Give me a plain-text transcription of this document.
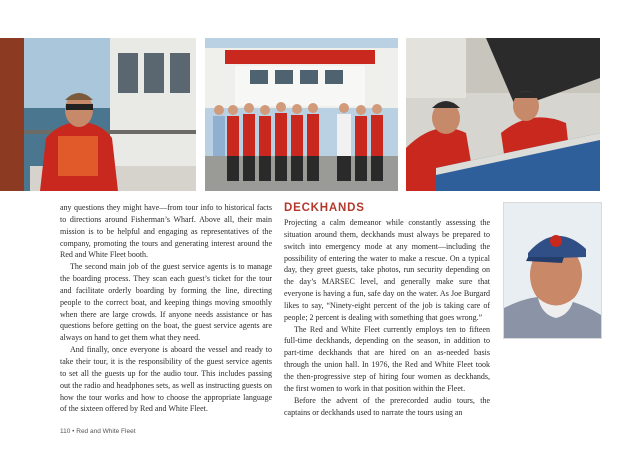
any questions they might have—from tour info to historical facts to directions around Fisherman’s Wharf. Above all, their main mission is to be helpful and engaging as representatives of the company, promoting the tours and generating interest around the Red and White Fleet booth.

The second main job of the guest service agents is to manage the boarding process. They scan each guest’s ticket for the tour and facilitate orderly boarding by forming the line, directing people to the correct boat, and keeping things moving smoothly when there are large crowds. If anyone needs assistance or has questions before getting on the boat, the guest service agents are always on hand to get them what they need.

And finally, once everyone is aboard the vessel and ready to take their tour, it is the responsibility of the guest service agents to set all the guests up for the audio tour. This includes passing out the radio and headphones sets, as well as instructing guests on how the tour works and how to choose the appropriate language of the sixteen offered by Red and White Fleet.

DECKHANDS

Projecting a calm demeanor while constantly assessing the situation around them, deckhands must always be prepared to switch into emergency mode at any moment—including the possibility of entering the water to make a rescue. On a typical day, they greet guests, take photos, run security depending on the day’s MARSEC level, and generally make sure that everyone is having a fun, safe day on the water. As Joe Burgard likes to say, “Ninety-eight percent of the job is taking care of people; 2 percent is dealing with something that goes wrong.”

The Red and White Fleet currently employs ten to fifteen full-time deckhands, depending on the season, in addition to part-time deckhands that are hired on an as-needed basis through the union hall. In 1976, the Red and White Fleet took the then-progressive step of hiring four women as deckhands, the first women to work in that position within the Fleet.

Before the advent of the prerecorded audio tours, the captains or deckhands used to narrate the tours using an

110 • Red and White Fleet
